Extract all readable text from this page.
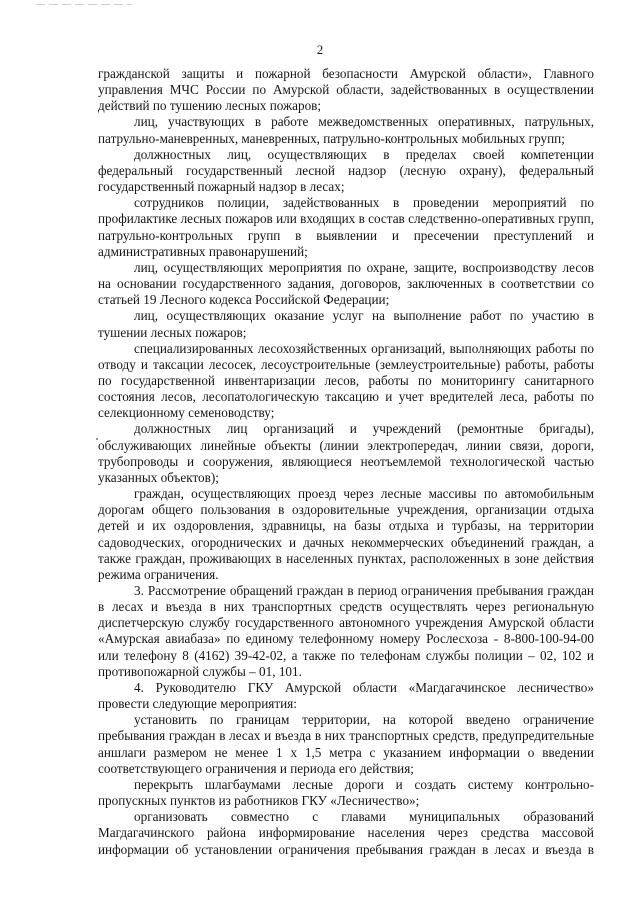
2

гражданской защиты и пожарной безопасности Амурской области», Главного управления МЧС России по Амурской области, задействованных в осуществлении действий по тушению лесных пожаров;

лиц, участвующих в работе межведомственных оперативных, патрульных, патрульно-маневренных, маневренных, патрульно-контрольных мобильных групп;

должностных лиц, осуществляющих в пределах своей компетенции федеральный государственный лесной надзор (лесную охрану), федеральный государственный пожарный надзор в лесах;

сотрудников полиции, задействованных в проведении мероприятий по профилактике лесных пожаров или входящих в состав следственно-оперативных групп, патрульно-контрольных групп в выявлении и пресечении преступлений и административных правонарушений;

лиц, осуществляющих мероприятия по охране, защите, воспроизводству лесов на основании государственного задания, договоров, заключенных в соответствии со статьей 19 Лесного кодекса Российской Федерации;

лиц, осуществляющих оказание услуг на выполнение работ по участию в тушении лесных пожаров;

специализированных лесохозяйственных организаций, выполняющих работы по отводу и таксации лесосек, лесоустроительные (землеустроительные) работы, работы по государственной инвентаризации лесов, работы по мониторингу санитарного состояния лесов, лесопатологическую таксацию и учет вредителей леса, работы по селекционному семеноводству;

должностных лиц организаций и учреждений (ремонтные бригады), обслуживающих линейные объекты (линии электропередач, линии связи, дороги, трубопроводы и сооружения, являющиеся неотъемлемой технологической частью указанных объектов);

граждан, осуществляющих проезд через лесные массивы по автомобильным дорогам общего пользования в оздоровительные учреждения, организации отдыха детей и их оздоровления, здравницы, на базы отдыха и турбазы, на территории садоводческих, огороднических и дачных некоммерческих объединений граждан, а также граждан, проживающих в населенных пунктах, расположенных в зоне действия режима ограничения.

3. Рассмотрение обращений граждан в период ограничения пребывания граждан в лесах и въезда в них транспортных средств осуществлять через региональную диспетчерскую службу государственного автономного учреждения Амурской области «Амурская авиабаза» по единому телефонному номеру Рослесхоза - 8-800-100-94-00 или телефону 8 (4162) 39-42-02, а также по телефонам службы полиции – 02, 102 и противопожарной службы – 01, 101.

4. Руководителю ГКУ Амурской области «Магдагачинское лесничество» провести следующие мероприятия:

установить по границам территории, на которой введено ограничение пребывания граждан в лесах и въезда в них транспортных средств, предупредительные аншлаги размером не менее 1 х 1,5 метра с указанием информации о введении соответствующего ограничения и периода его действия;

перекрыть шлагбаумами лесные дороги и создать систему контрольно-пропускных пунктов из работников ГКУ «Лесничество»;

организовать совместно с главами муниципальных образований Магдагачинского района информирование населения через средства массовой информации об установлении ограничения пребывания граждан в лесах и въезда в
